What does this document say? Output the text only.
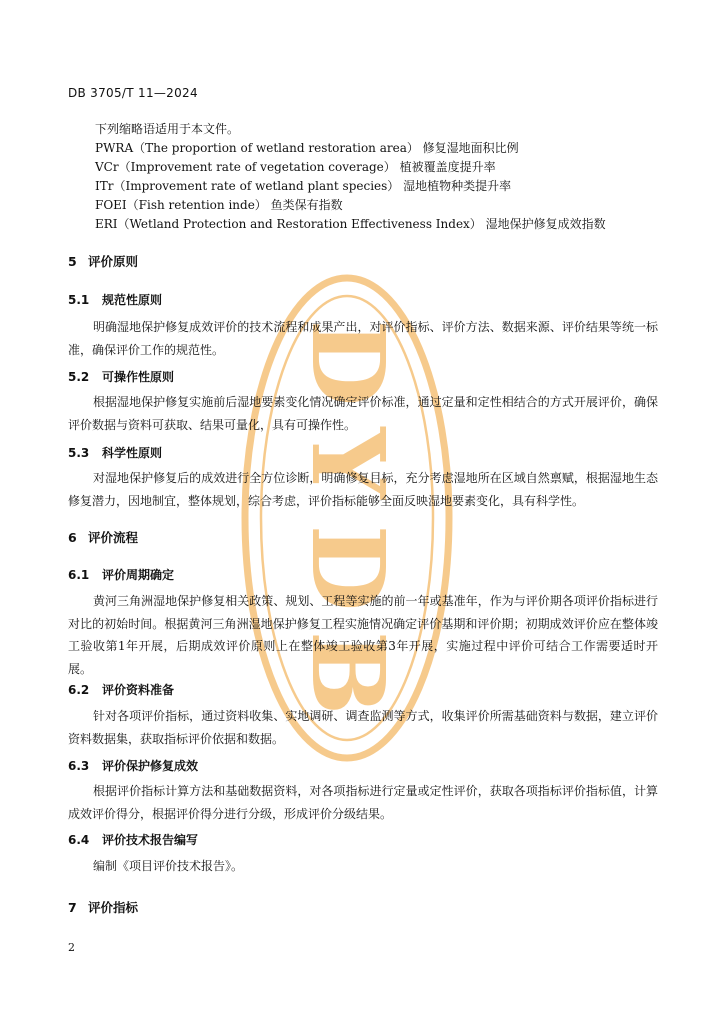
D
Y
D
B
DB 3705/T 11—2024
下列缩略语适用于本文件。
PWRA（The proportion of wetland restoration area） 修复湿地面积比例
VCr（Improvement rate of vegetation coverage） 植被覆盖度提升率
ITr（Improvement rate of wetland plant species） 湿地植物种类提升率
FOEI（Fish retention inde） 鱼类保有指数
ERI（Wetland Protection and Restoration Effectiveness Index） 湿地保护修复成效指数
5 评价原则
5.1 规范性原则
明确湿地保护修复成效评价的技术流程和成果产出，对评价指标、评价方法、数据来源、评价结果等统一标准，确保评价工作的规范性。
5.2 可操作性原则
根据湿地保护修复实施前后湿地要素变化情况确定评价标准，通过定量和定性相结合的方式开展评价，确保评价数据与资料可获取、结果可量化，具有可操作性。
5.3 科学性原则
对湿地保护修复后的成效进行全方位诊断，明确修复目标，充分考虑湿地所在区域自然禀赋，根据湿地生态修复潜力，因地制宜，整体规划，综合考虑，评价指标能够全面反映湿地要素变化，具有科学性。
6 评价流程
6.1 评价周期确定
黄河三角洲湿地保护修复相关政策、规划、工程等实施的前一年或基准年，作为与评价期各项评价指标进行对比的初始时间。根据黄河三角洲湿地保护修复工程实施情况确定评价基期和评价期；初期成效评价应在整体竣工验收第1年开展，后期成效评价原则上在整体竣工验收第3年开展，实施过程中评价可结合工作需要适时开展。
6.2 评价资料准备
针对各项评价指标，通过资料收集、实地调研、调查监测等方式，收集评价所需基础资料与数据，建立评价资料数据集，获取指标评价依据和数据。
6.3 评价保护修复成效
根据评价指标计算方法和基础数据资料，对各项指标进行定量或定性评价，获取各项指标评价指标值，计算成效评价得分，根据评价得分进行分级，形成评价分级结果。
6.4 评价技术报告编写
编制《项目评价技术报告》。
7 评价指标
2
